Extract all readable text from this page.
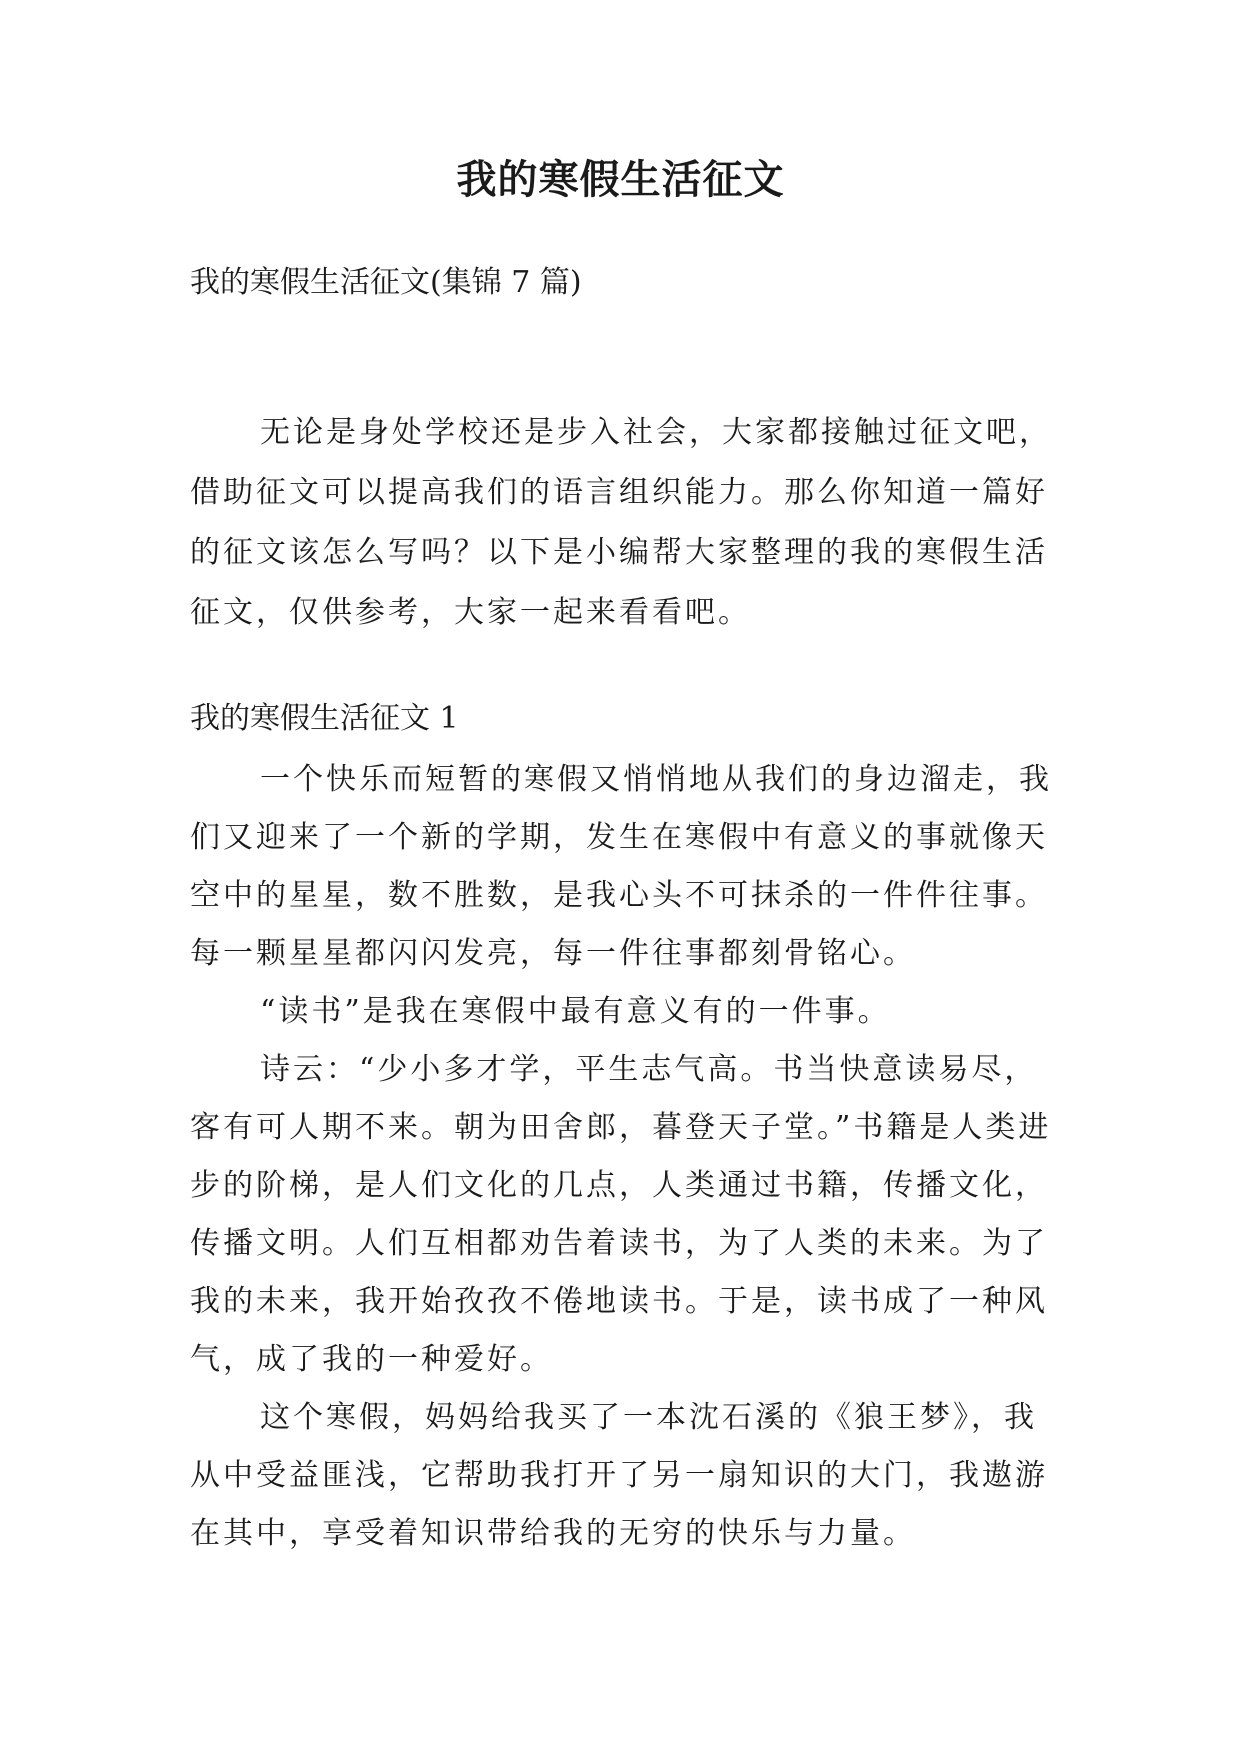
我的寒假生活征文
我的寒假生活征文(集锦 7 篇)

无论是身处学校还是步入社会，大家都接触过征文吧，借助征文可以提高我们的语言组织能力。那么你知道一篇好的征文该怎么写吗？以下是小编帮大家整理的我的寒假生活征文，仅供参考，大家一起来看看吧。

我的寒假生活征文 1

一个快乐而短暂的寒假又悄悄地从我们的身边溜走，我们又迎来了一个新的学期，发生在寒假中有意义的事就像天空中的星星，数不胜数，是我心头不可抹杀的一件件往事。每一颗星星都闪闪发亮，每一件往事都刻骨铭心。

“读书”是我在寒假中最有意义有的一件事。

诗云：“少小多才学，平生志气高。书当快意读易尽，客有可人期不来。朝为田舍郎，暮登天子堂。”书籍是人类进步的阶梯，是人们文化的几点，人类通过书籍，传播文化，传播文明。人们互相都劝告着读书，为了人类的未来。为了我的未来，我开始孜孜不倦地读书。于是，读书成了一种风气，成了我的一种爱好。

这个寒假，妈妈给我买了一本沈石溪的《狼王梦》，我从中受益匪浅，它帮助我打开了另一扇知识的大门，我遨游在其中，享受着知识带给我的无穷的快乐与力量。
